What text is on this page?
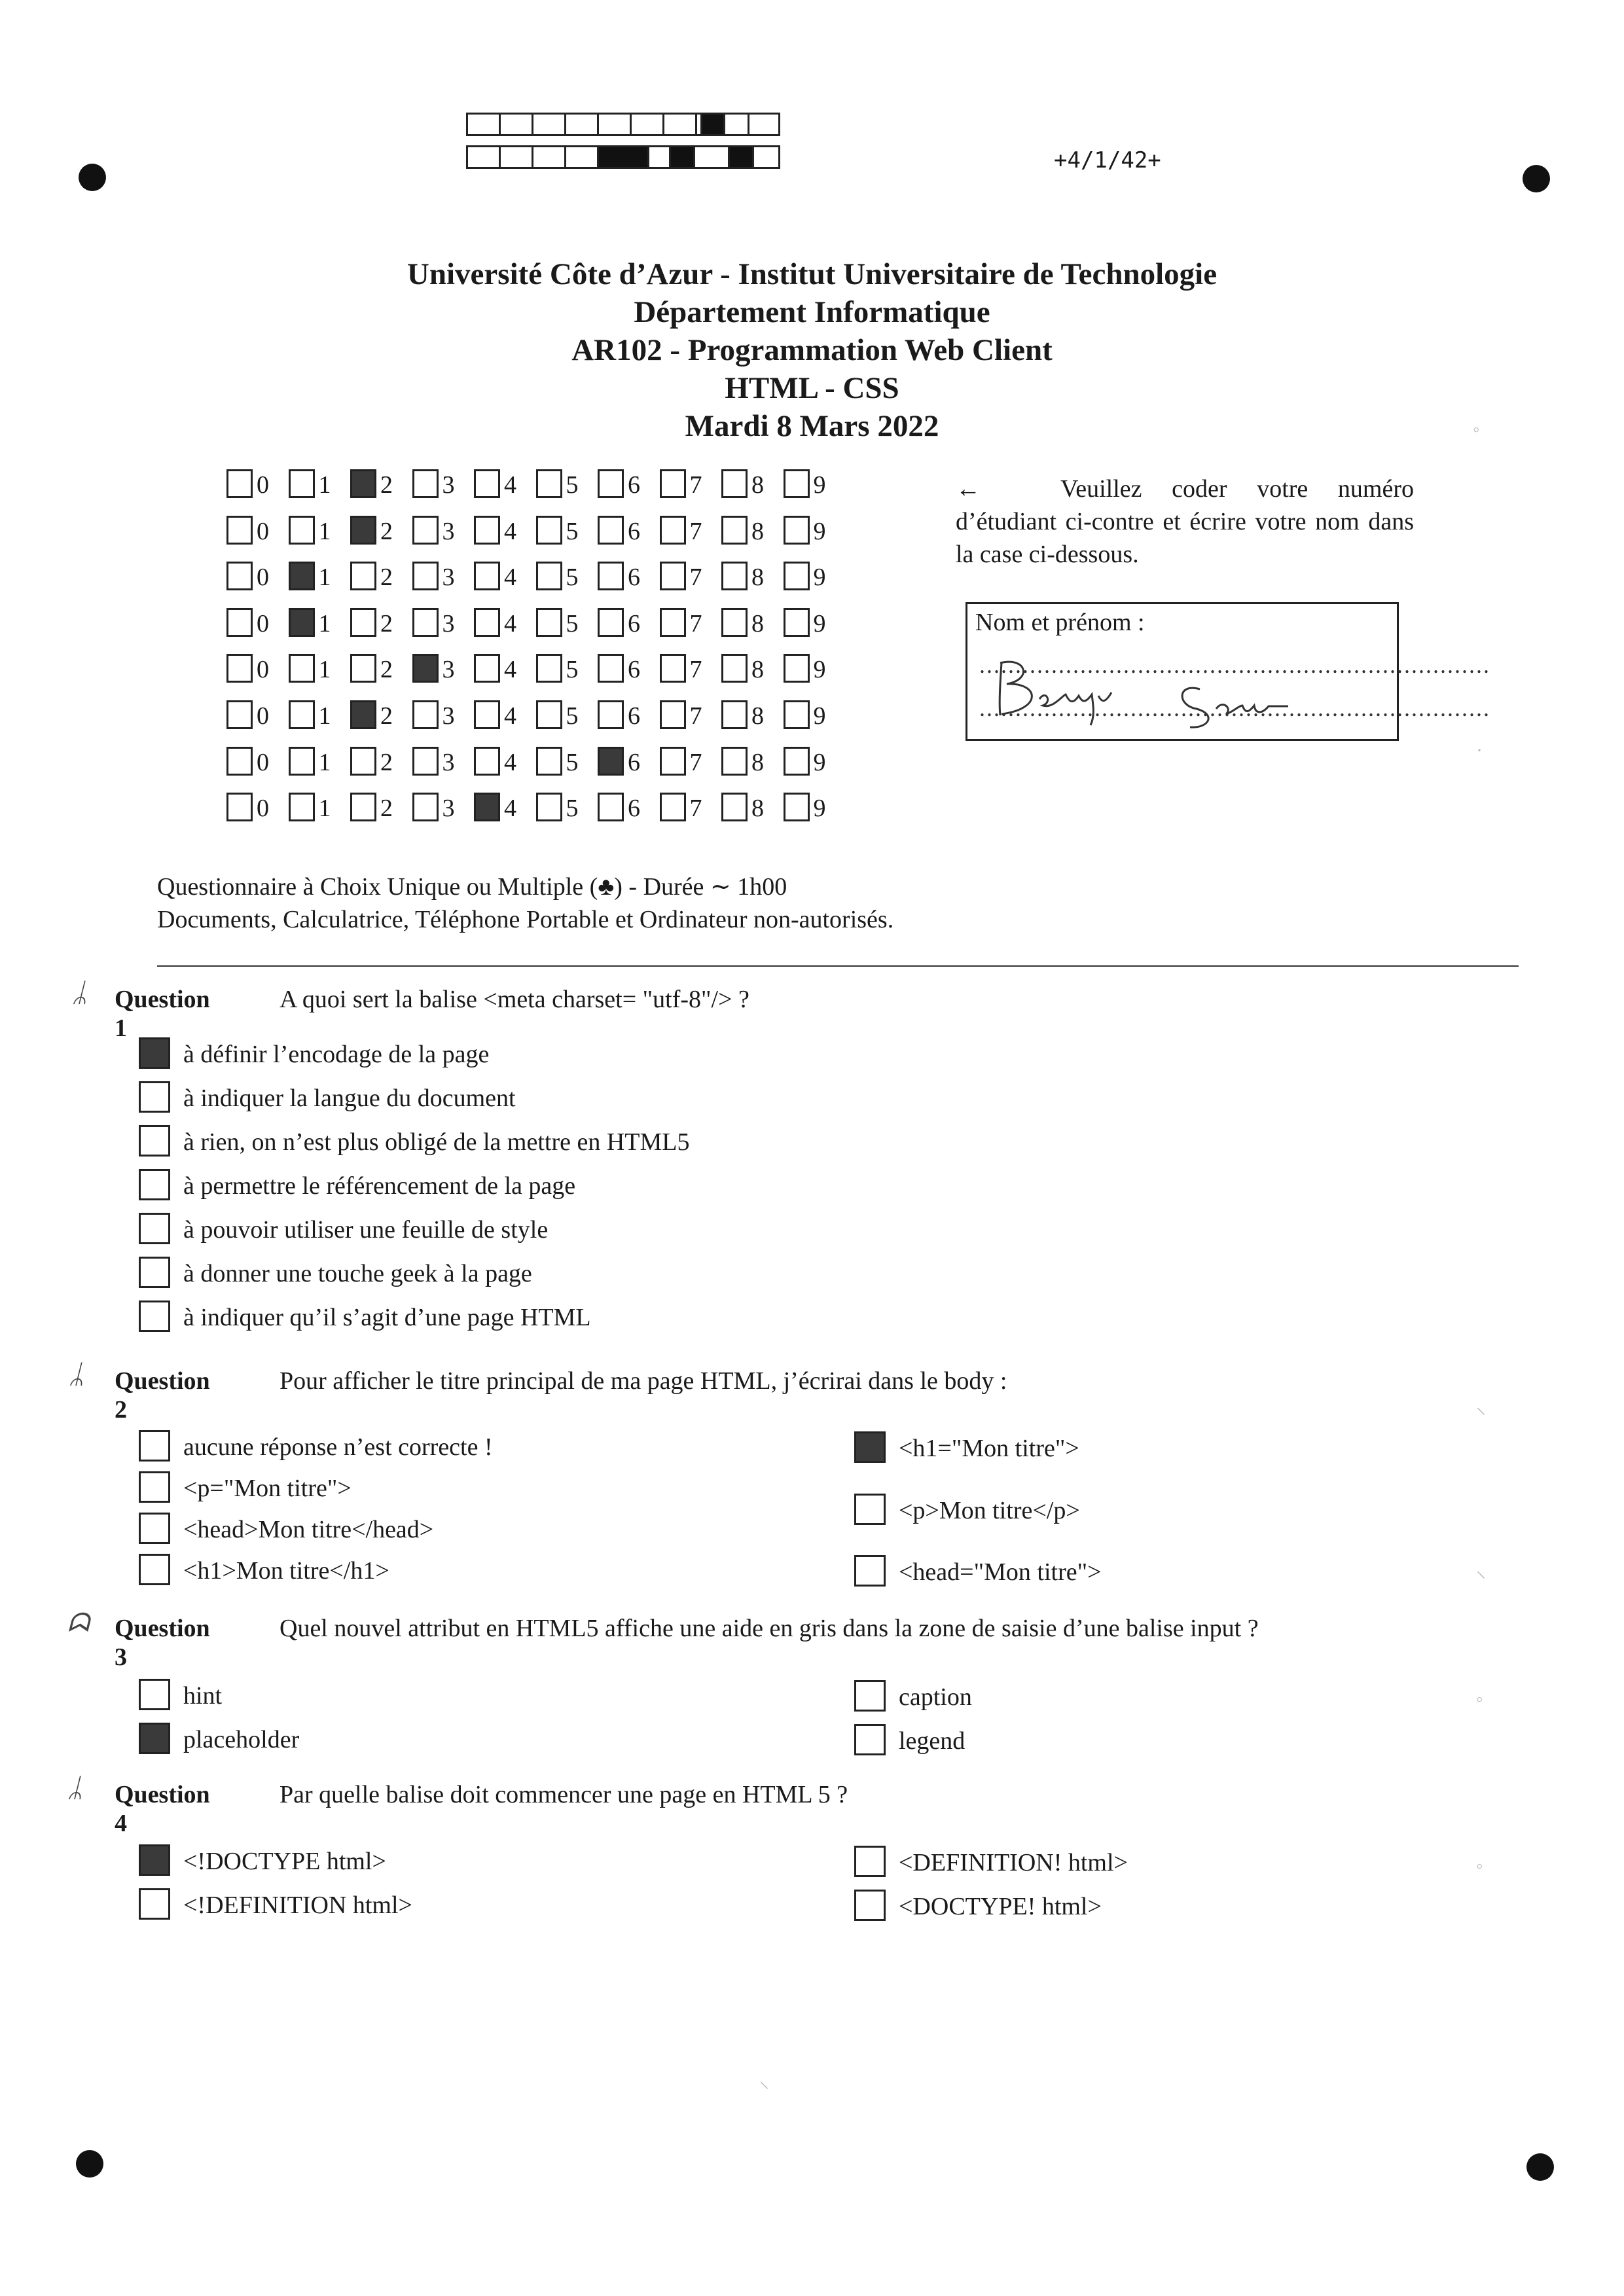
+4/1/42+
Université Côte d’Azur - Institut Universitaire de Technologie
Département Informatique
AR102 - Programmation Web Client
HTML - CSS
Mardi 8 Mars 2022
0 1 2 3 4 5 6 7 8 9
0 1 2 3 4 5 6 7 8 9
0 1 2 3 4 5 6 7 8 9
0 1 2 3 4 5 6 7 8 9
0 1 2 3 4 5 6 7 8 9
0 1 2 3 4 5 6 7 8 9
0 1 2 3 4 5 6 7 8 9
0 1 2 3 4 5 6 7 8 9
←	Veuillez coder votre numéro d’étudiant ci-contre et écrire votre nom dans la case ci-dessous.
Nom et prénom :
.......................................................................
.......................................................................
Questionnaire à Choix Unique ou Multiple (♣) - Durée ∼ 1h00
Documents, Calculatrice, Téléphone Portable et Ordinateur non-autorisés.
ᛦ Question 1
A quoi sert la balise <meta charset= "utf-8"/> ?
à définir l’encodage de la page
à indiquer la langue du document
à rien, on n’est plus obligé de la mettre en HTML5
à permettre le référencement de la page
à pouvoir utiliser une feuille de style
à donner une touche geek à la page
à indiquer qu’il s’agit d’une page HTML
ᛦ Question 2
Pour afficher le titre principal de ma page HTML, j’écrirai dans le body :
aucune réponse n’est correcte !
<p="Mon titre">
<head>Mon titre</head>
<h1>Mon titre</h1>
<h1="Mon titre">
<p>Mon titre</p>
<head="Mon titre">
ᗣ Question 3
Quel nouvel attribut en HTML5 affiche une aide en gris dans la zone de saisie d’une balise input ?
hint
placeholder
caption
legend
ᛦ Question 4
Par quelle balise doit commencer une page en HTML 5 ?
<!DOCTYPE html>
<!DEFINITION html>
<DEFINITION! html>
<DOCTYPE! html>
◦
·
⸌
⸌
◦
◦
⸌
